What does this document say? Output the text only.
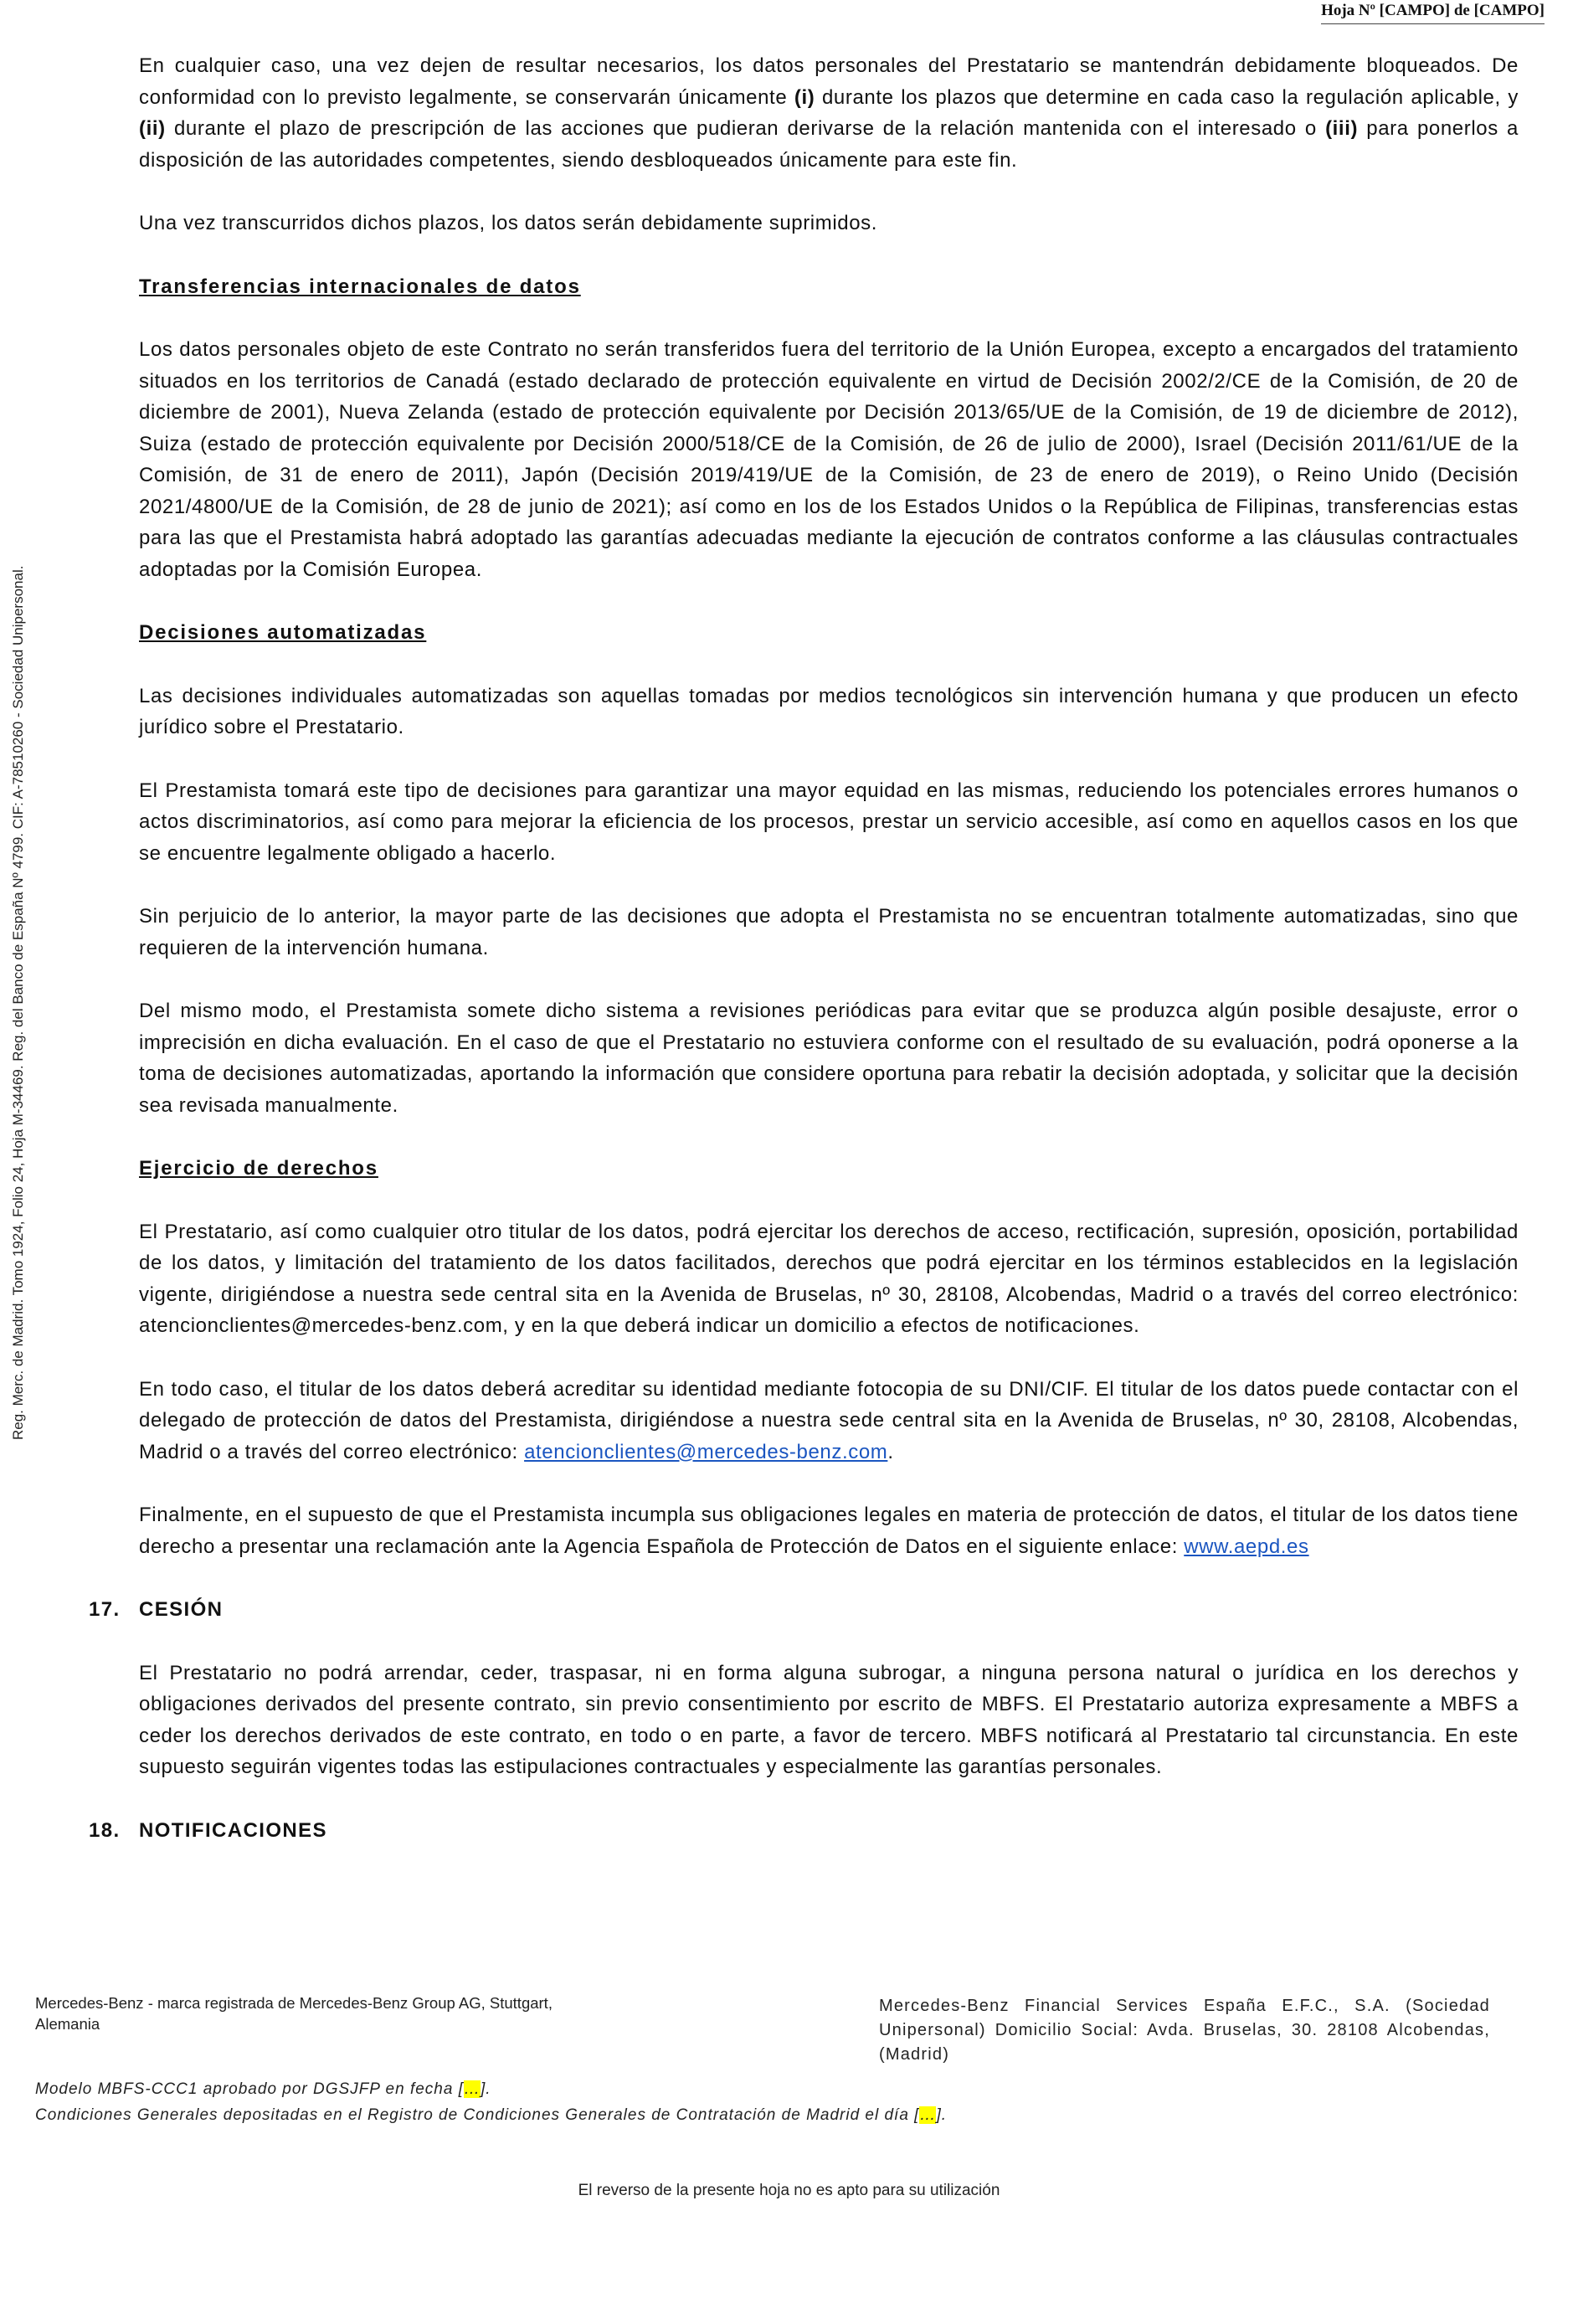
Hoja Nº [CAMPO] de [CAMPO]
Reg. Merc. de Madrid. Tomo 1924, Folio 24, Hoja M-34469. Reg. del Banco de España Nº 4799. CIF: A-78510260 - Sociedad Unipersonal.

En cualquier caso, una vez dejen de resultar necesarios, los datos personales del Prestatario se mantendrán debidamente bloqueados. De conformidad con lo previsto legalmente, se conservarán únicamente (i) durante los plazos que determine en cada caso la regulación aplicable, y (ii) durante el plazo de prescripción de las acciones que pudieran derivarse de la relación mantenida con el interesado o (iii) para ponerlos a disposición de las autoridades competentes, siendo desbloqueados únicamente para este fin.

Una vez transcurridos dichos plazos, los datos serán debidamente suprimidos.

Transferencias internacionales de datos

Los datos personales objeto de este Contrato no serán transferidos fuera del territorio de la Unión Europea, excepto a encargados del tratamiento situados en los territorios de Canadá (estado declarado de protección equivalente en virtud de Decisión 2002/2/CE de la Comisión, de 20 de diciembre de 2001), Nueva Zelanda (estado de protección equivalente por Decisión 2013/65/UE de la Comisión, de 19 de diciembre de 2012), Suiza (estado de protección equivalente por Decisión 2000/518/CE de la Comisión, de 26 de julio de 2000), Israel (Decisión 2011/61/UE de la Comisión, de 31 de enero de 2011), Japón (Decisión 2019/419/UE de la Comisión, de 23 de enero de 2019), o Reino Unido (Decisión 2021/4800/UE de la Comisión, de 28 de junio de 2021); así como en los de los Estados Unidos o la República de Filipinas, transferencias estas para las que el Prestamista habrá adoptado las garantías adecuadas mediante la ejecución de contratos conforme a las cláusulas contractuales adoptadas por la Comisión Europea.

Decisiones automatizadas

Las decisiones individuales automatizadas son aquellas tomadas por medios tecnológicos sin intervención humana y que producen un efecto jurídico sobre el Prestatario.

El Prestamista tomará este tipo de decisiones para garantizar una mayor equidad en las mismas, reduciendo los potenciales errores humanos o actos discriminatorios, así como para mejorar la eficiencia de los procesos, prestar un servicio accesible, así como en aquellos casos en los que se encuentre legalmente obligado a hacerlo.

Sin perjuicio de lo anterior, la mayor parte de las decisiones que adopta el Prestamista no se encuentran totalmente automatizadas, sino que requieren de la intervención humana.

Del mismo modo, el Prestamista somete dicho sistema a revisiones periódicas para evitar que se produzca algún posible desajuste, error o imprecisión en dicha evaluación. En el caso de que el Prestatario no estuviera conforme con el resultado de su evaluación, podrá oponerse a la toma de decisiones automatizadas, aportando la información que considere oportuna para rebatir la decisión adoptada, y solicitar que la decisión sea revisada manualmente.

Ejercicio de derechos

El Prestatario, así como cualquier otro titular de los datos, podrá ejercitar los derechos de acceso, rectificación, supresión, oposición, portabilidad de los datos, y limitación del tratamiento de los datos facilitados, derechos que podrá ejercitar en los términos establecidos en la legislación vigente, dirigiéndose a nuestra sede central sita en la Avenida de Bruselas, nº 30, 28108, Alcobendas, Madrid o a través del correo electrónico: atencionclientes@mercedes-benz.com, y en la que deberá indicar un domicilio a efectos de notificaciones.

En todo caso, el titular de los datos deberá acreditar su identidad mediante fotocopia de su DNI/CIF. El titular de los datos puede contactar con el delegado de protección de datos del Prestamista, dirigiéndose a nuestra sede central sita en la Avenida de Bruselas, nº 30, 28108, Alcobendas, Madrid o a través del correo electrónico: atencionclientes@mercedes-benz.com.

Finalmente, en el supuesto de que el Prestamista incumpla sus obligaciones legales en materia de protección de datos, el titular de los datos tiene derecho a presentar una reclamación ante la Agencia Española de Protección de Datos en el siguiente enlace: www.aepd.es

17. CESIÓN

El Prestatario no podrá arrendar, ceder, traspasar, ni en forma alguna subrogar, a ninguna persona natural o jurídica en los derechos y obligaciones derivados del presente contrato, sin previo consentimiento por escrito de MBFS. El Prestatario autoriza expresamente a MBFS a ceder los derechos derivados de este contrato, en todo o en parte, a favor de tercero. MBFS notificará al Prestatario tal circunstancia. En este supuesto seguirán vigentes todas las estipulaciones contractuales y especialmente las garantías personales.

18. NOTIFICACIONES
Mercedes-Benz - marca registrada de Mercedes-Benz Group AG, Stuttgart, Alemania
Mercedes-Benz Financial Services España E.F.C., S.A. (Sociedad Unipersonal) Domicilio Social: Avda. Bruselas, 30. 28108 Alcobendas, (Madrid)
Modelo MBFS-CCC1 aprobado por DGSJFP en fecha […].
Condiciones Generales depositadas en el Registro de Condiciones Generales de Contratación de Madrid el día […].
El reverso de la presente hoja no es apto para su utilización
